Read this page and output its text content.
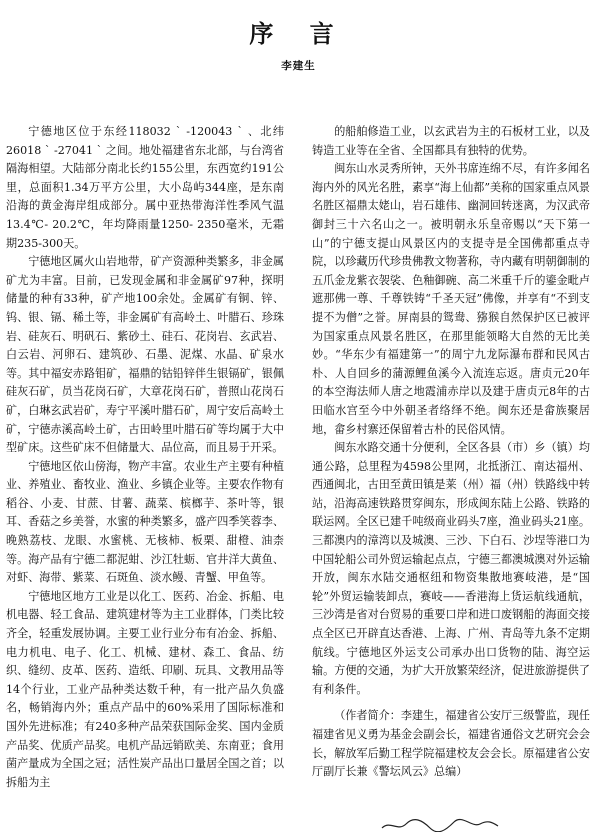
序 言
李建生

宁德地区位于东经118032 ` -120043 ` 、北纬26018 ` -27041 ` 之间。地处福建省东北部，与台湾省隔海相望。大陆部分南北长约155公里，东西宽约191公里，总面积1.34万平方公里，大小岛屿344座，是东南沿海的黄金海岸组成部分。属中亚热带海洋性季风气温13.4℃- 20.2℃，年均降雨量1250- 2350毫米，无霜期235-300天。

宁德地区属火山岩地带，矿产资源种类繁多，非金属矿尤为丰富。目前，已发现金属和非金属矿97种，探明储量的种有33种，矿产地100余处。金属矿有铜、锌、钨、银、镉、稀土等，非金属矿有高岭土、叶腊石、珍珠岩、硅灰石、明矾石、紫砂土、硅石、花岗岩、玄武岩、白云岩、河卵石、建筑砂、石墨、泥煤、水晶、矿泉水等。其中福安赤路钼矿，福鼎的钴铅锌伴生银镉矿，银佩硅灰石矿，员当花岗石矿，大章花岗石矿，普照山花岗石矿，白琳玄武岩矿，寿宁平溪叶腊石矿，周宁安后高岭土矿，宁德赤溪高岭土矿，古田岭里叶腊石矿等均属于大中型矿床。这些矿床不但储量大、品位高，而且易于开采。

宁德地区依山傍海，物产丰富。农业生产主要有种植业、养殖业、畜牧业、渔业、乡镇企业等。主要农作物有稻谷、小麦、甘蔗、甘薯、蔬菜、槟榔芋、茶叶等，银耳、香菇之乡美誉，水蜜的种类繁多，盛产四季笑蓉李、晚熟荔枝、龙眼、水蜜桃、无核柿、板栗、甜橙、油柰等。海产品有宁德二都泥蚶、沙江牡蛎、官井洋大黄鱼、对虾、海带、紫菜、石斑鱼、淡水鳗、青蟹、甲鱼等。

宁德地区地方工业是以化工、医药、冶金、拆船、电机电器、轻工食品、建筑建材等为主工业群体，门类比较齐全，轻重发展协调。主要工业行业分布有冶金、拆船、电力机电、电子、化工、机械、建材、森工、食品、纺织、缝纫、皮革、医药、造纸、印刷、玩具、文教用品等14个行业，工业产品种类达数千种，有一批产品久负盛名，畅销海内外；重点产品中的60%采用了国际标准和国外先进标准；有240多种产品荣获国际金奖、国内金质产品奖、优质产品奖。电机产品远销欧美、东南亚；食用菌产量成为全国之冠；活性炭产品出口量居全国之首；以拆船为主

的船舶修造工业，以玄武岩为主的石板材工业，以及铸造工业等在全省、全国都具有独特的优势。

闽东山水灵秀所钟，天外书席连绵不尽，有许多闻名海内外的风光名胜，素享“海上仙都”美称的国家重点风景名胜区福鼎太姥山，岩石雄伟、幽洞回转迷离，为汉武帝御封三十六名山之一。被明朝永乐皇帝赐以“天下第一山”的宁德支提山风景区内的支提寺是全国佛都重点寺院，以珍藏历代珍贵佛教文物著称，寺内藏有明朝御制的五爪金龙紫衣袈裟、色釉御碗、高二米重千斤的鎏金毗卢遮那佛一尊、千尊铁铸“千圣天冠”佛像，并享有“不到支提不为僧”之誉。屏南县的鸳鸯、猕猴自然保护区已被评为国家重点风景名胜区，在那里能领略大自然的无比美妙。“华东少有福建第一”的周宁九龙际瀑布群和民风古朴、人自回乡的蒲源鲤鱼溪今入流连忘返。唐贞元20年的本空海法师人唐之地霞浦赤岸以及建于唐贞元8年的古田临水宫至今中外朝圣者络绎不绝。闽东还是畲族聚居地，畲乡村寨还保留着古朴的民俗风情。

闽东水路交通十分便利，全区各县（市）乡（镇）均通公路，总里程为4598公里网，北抵浙江、南达福州、西通闽北，古田至黄田镇是莱（州）福（州）铁路线中转站，沿海高速铁路贯穿闽东，形成闽东陆上公路、铁路的联运网。全区已建千吨级商业码头7座，渔业码头21座。三都澳内的漳湾以及城澳、三沙、下白石、沙埕等港口为中国轮船公司外贸运输起点点，宁德三都澳城澳对外运输开放，闽东水陆交通枢纽和物资集散地赛岐港，是“国轮”外贸运输装卸点，赛岐——香港海上货运航线通航，三沙湾是省对台贸易的重要口岸和进口废钢船的海面交接点全区已开辟直达香港、上海、广州、青岛等九条不定期航线。宁德地区外运支公司承办出口货物的陆、海空运输。方便的交通，为扩大开放繁荣经济，促进旅游提供了有利条件。

（作者简介：李建生，福建省公安厅三级警监，现任福建省见义勇为基金会副会长，福建省通俗文艺研究会会长，解放军后勤工程学院福建校友会会长。原福建省公安厅副厅长兼《警坛风云》总编）
